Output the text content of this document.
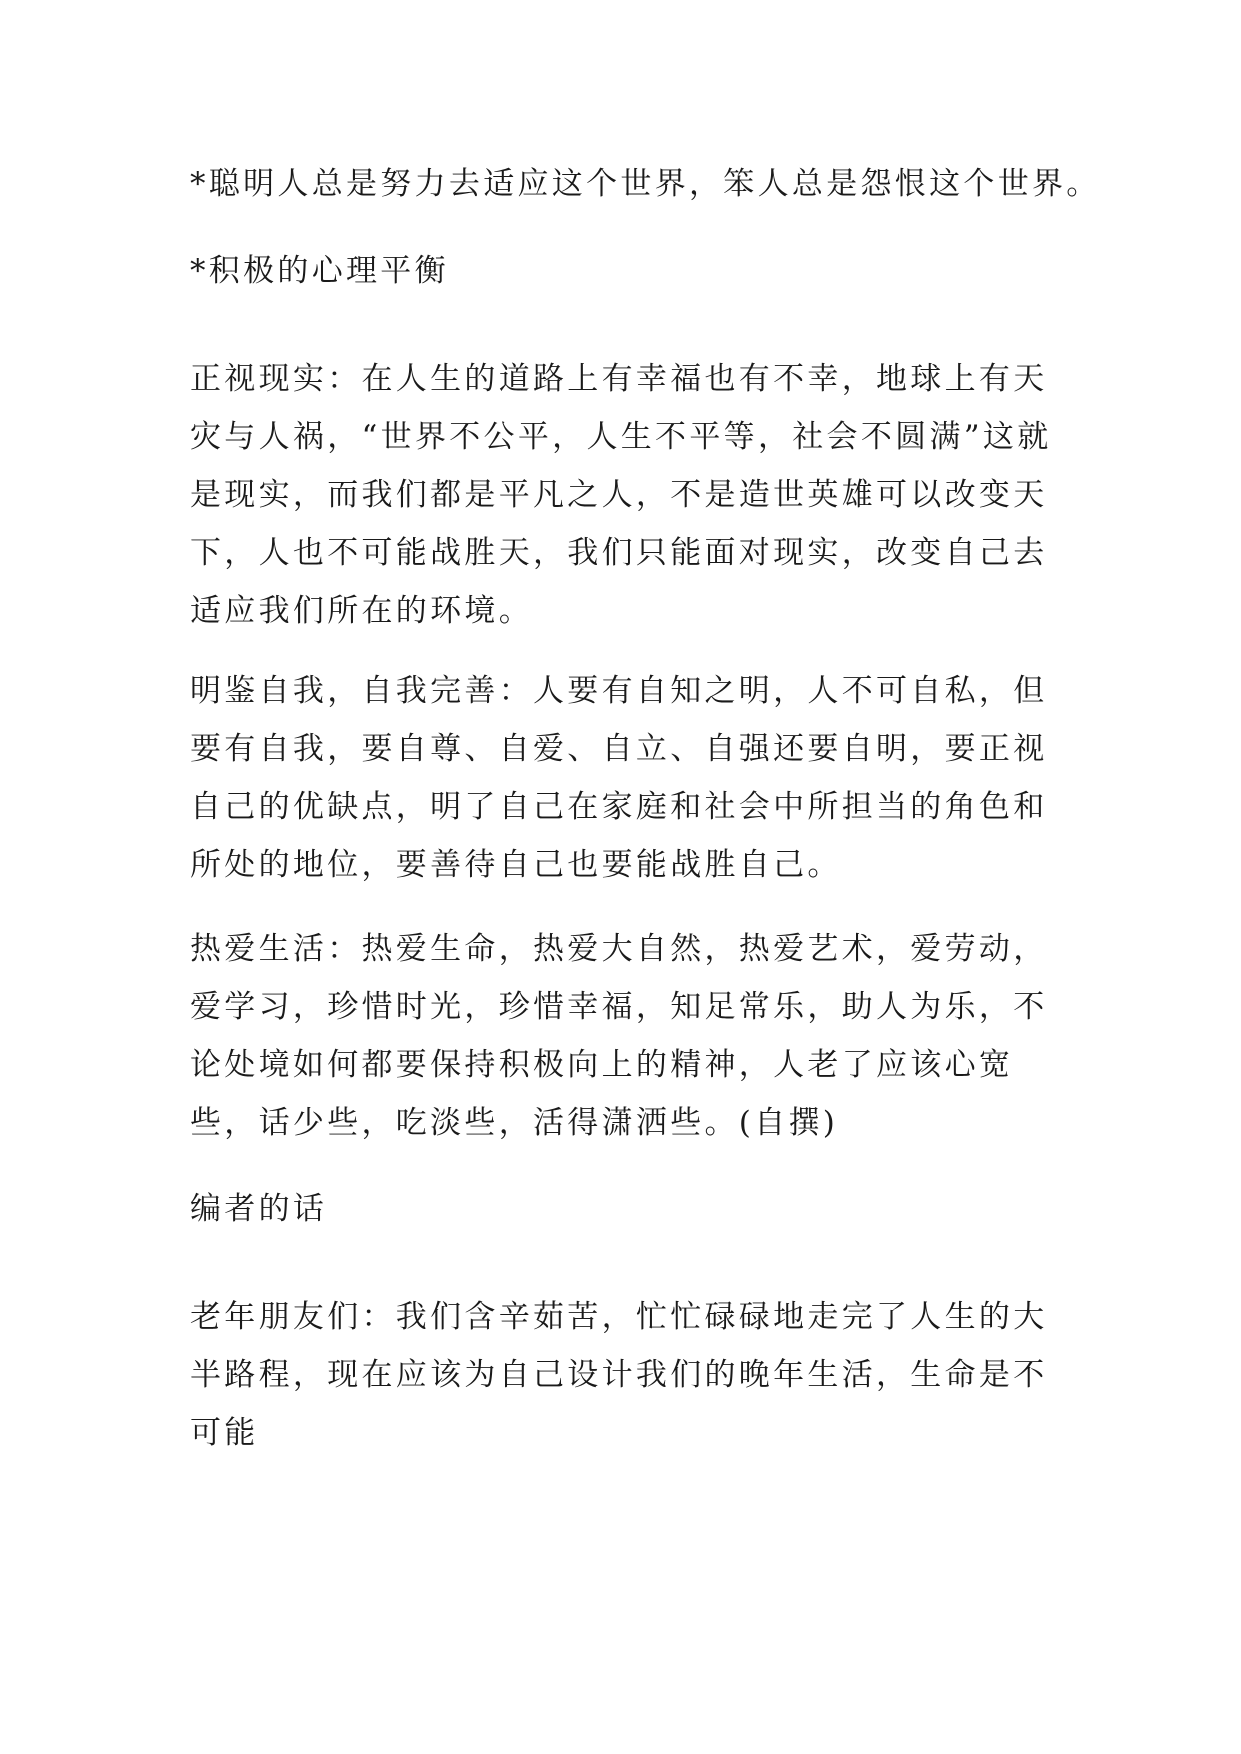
*聪明人总是努力去适应这个世界，笨人总是怨恨这个世界。

*积极的心理平衡

正视现实：在人生的道路上有幸福也有不幸，地球上有天灾与人祸，“世界不公平，人生不平等，社会不圆满”这就是现实，而我们都是平凡之人，不是造世英雄可以改变天下，人也不可能战胜天，我们只能面对现实，改变自己去适应我们所在的环境。

明鉴自我，自我完善：人要有自知之明，人不可自私，但要有自我，要自尊、自爱、自立、自强还要自明，要正视自己的优缺点，明了自己在家庭和社会中所担当的角色和所处的地位，要善待自己也要能战胜自己。

热爱生活：热爱生命，热爱大自然，热爱艺术，爱劳动，爱学习，珍惜时光，珍惜幸福，知足常乐，助人为乐，不论处境如何都要保持积极向上的精神，人老了应该心宽些，话少些，吃淡些，活得潇洒些。(自撰)

编者的话

老年朋友们：我们含辛茹苦，忙忙碌碌地走完了人生的大半路程，现在应该为自己设计我们的晚年生活，生命是不可能
